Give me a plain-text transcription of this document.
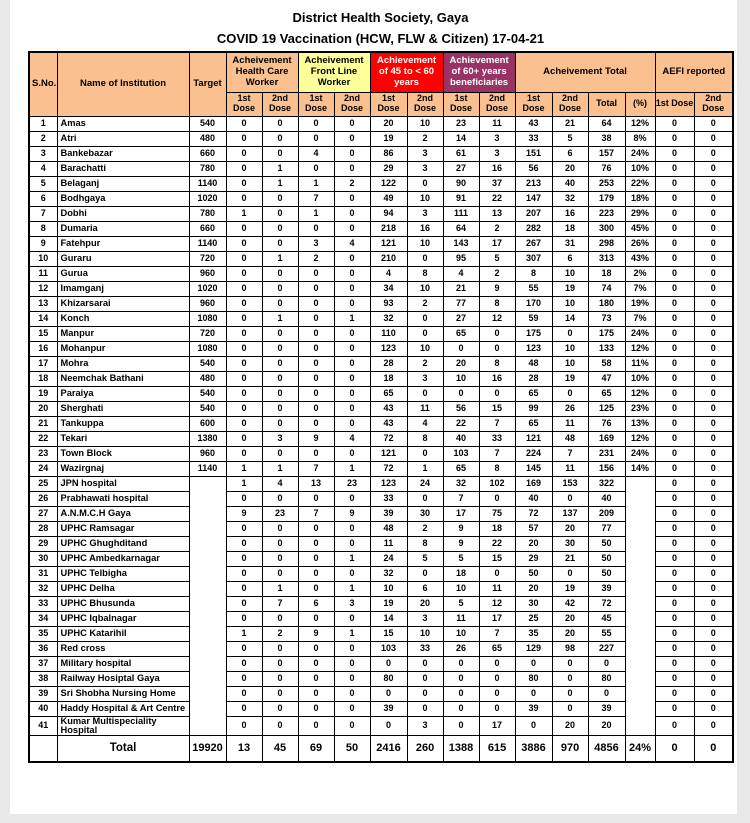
District Health Society, Gaya
COVID 19 Vaccination (HCW, FLW & Citizen) 17-04-21
S.No.	Name of Institution	Target	Acheivement Health Care Worker		Acheivement Front Line Worker		Achievement of 45 to < 60 years		Achievement of 60+ years beneficiaries		Acheivement Total				AEFI reported	
			1st Dose	2nd Dose	1st Dose	2nd Dose	1st Dose	2nd Dose	1st Dose	2nd Dose	1st Dose	2nd Dose	Total	(%)	1st Dose	2nd Dose
1	Amas	540	0	0	0	0	20	10	23	11	43	21	64	12%	0	0
2	Atri	480	0	0	0	0	19	2	14	3	33	5	38	8%	0	0
3	Bankebazar	660	0	0	4	0	86	3	61	3	151	6	157	24%	0	0
4	Barachatti	780	0	1	0	0	29	3	27	16	56	20	76	10%	0	0
5	Belaganj	1140	0	1	1	2	122	0	90	37	213	40	253	22%	0	0
6	Bodhgaya	1020	0	0	7	0	49	10	91	22	147	32	179	18%	0	0
7	Dobhi	780	1	0	1	0	94	3	111	13	207	16	223	29%	0	0
8	Dumaria	660	0	0	0	0	218	16	64	2	282	18	300	45%	0	0
9	Fatehpur	1140	0	0	3	4	121	10	143	17	267	31	298	26%	0	0
10	Guraru	720	0	1	2	0	210	0	95	5	307	6	313	43%	0	0
11	Gurua	960	0	0	0	0	4	8	4	2	8	10	18	2%	0	0
12	Imamganj	1020	0	0	0	0	34	10	21	9	55	19	74	7%	0	0
13	Khizarsarai	960	0	0	0	0	93	2	77	8	170	10	180	19%	0	0
14	Konch	1080	0	1	0	1	32	0	27	12	59	14	73	7%	0	0
15	Manpur	720	0	0	0	0	110	0	65	0	175	0	175	24%	0	0
16	Mohanpur	1080	0	0	0	0	123	10	0	0	123	10	133	12%	0	0
17	Mohra	540	0	0	0	0	28	2	20	8	48	10	58	11%	0	0
18	Neemchak Bathani	480	0	0	0	0	18	3	10	16	28	19	47	10%	0	0
19	Paraiya	540	0	0	0	0	65	0	0	0	65	0	65	12%	0	0
20	Sherghati	540	0	0	0	0	43	11	56	15	99	26	125	23%	0	0
21	Tankuppa	600	0	0	0	0	43	4	22	7	65	11	76	13%	0	0
22	Tekari	1380	0	3	9	4	72	8	40	33	121	48	169	12%	0	0
23	Town Block	960	0	0	0	0	121	0	103	7	224	7	231	24%	0	0
24	Wazirgnaj	1140	1	1	7	1	72	1	65	8	145	11	156	14%	0	0
25	JPN hospital		1	4	13	23	123	24	32	102	169	153	322		0	0
26	Prabhawati hospital		0	0	0	0	33	0	7	0	40	0	40		0	0
27	A.N.M.C.H Gaya		9	23	7	9	39	30	17	75	72	137	209		0	0
28	UPHC Ramsagar		0	0	0	0	48	2	9	18	57	20	77		0	0
29	UPHC Ghughditand		0	0	0	0	11	8	9	22	20	30	50		0	0
30	UPHC Ambedkarnagar		0	0	0	1	24	5	5	15	29	21	50		0	0
31	UPHC Telbigha		0	0	0	0	32	0	18	0	50	0	50		0	0
32	UPHC Delha		0	1	0	1	10	6	10	11	20	19	39		0	0
33	UPHC Bhusunda		0	7	6	3	19	20	5	12	30	42	72		0	0
34	UPHC Iqbalnagar		0	0	0	0	14	3	11	17	25	20	45		0	0
35	UPHC Katarihil		1	2	9	1	15	10	10	7	35	20	55		0	0
36	Red cross		0	0	0	0	103	33	26	65	129	98	227		0	0
37	Military hospital		0	0	0	0	0	0	0	0	0	0	0		0	0
38	Railway Hosiptal Gaya		0	0	0	0	80	0	0	0	80	0	80		0	0
39	Sri Shobha Nursing Home		0	0	0	0	0	0	0	0	0	0	0		0	0
40	Haddy Hospital & Art Centre		0	0	0	0	39	0	0	0	39	0	39		0	0
41	Kumar Multispeciality Hospital		0	0	0	0	0	3	0	17	0	20	20		0	0
	Total	19920	13	45	69	50	2416	260	1388	615	3886	970	4856	24%	0	0
